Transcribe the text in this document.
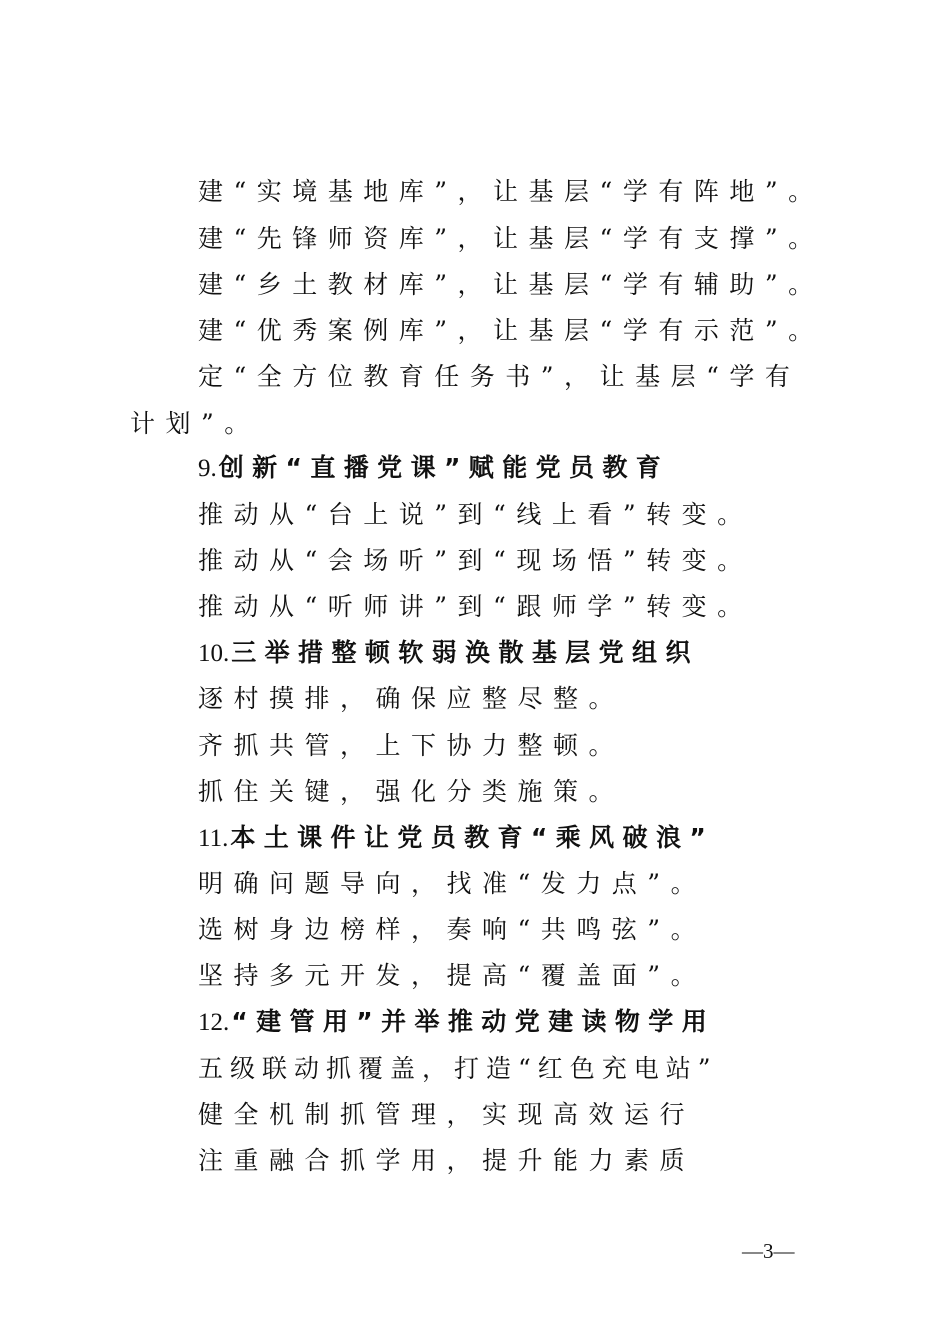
建“实境基地库”，让基层“学有阵地”。
建“先锋师资库”，让基层“学有支撑”。
建“乡土教材库”，让基层“学有辅助”。
建“优秀案例库”，让基层“学有示范”。
定“全方位教育任务书”，让基层“学有
计划”。
9.创新“直播党课”赋能党员教育
推动从“台上说”到“线上看”转变。
推动从“会场听”到“现场悟”转变。
推动从“听师讲”到“跟师学”转变。
10.三举措整顿软弱涣散基层党组织
逐村摸排，确保应整尽整。
齐抓共管，上下协力整顿。
抓住关键，强化分类施策。
11.本土课件让党员教育“乘风破浪”
明确问题导向，找准“发力点”。
选树身边榜样，奏响“共鸣弦”。
坚持多元开发，提高“覆盖面”。
12.“建管用”并举推动党建读物学用
五级联动抓覆盖，打造“红色充电站”
健全机制抓管理，实现高效运行
注重融合抓学用，提升能力素质
—3—
